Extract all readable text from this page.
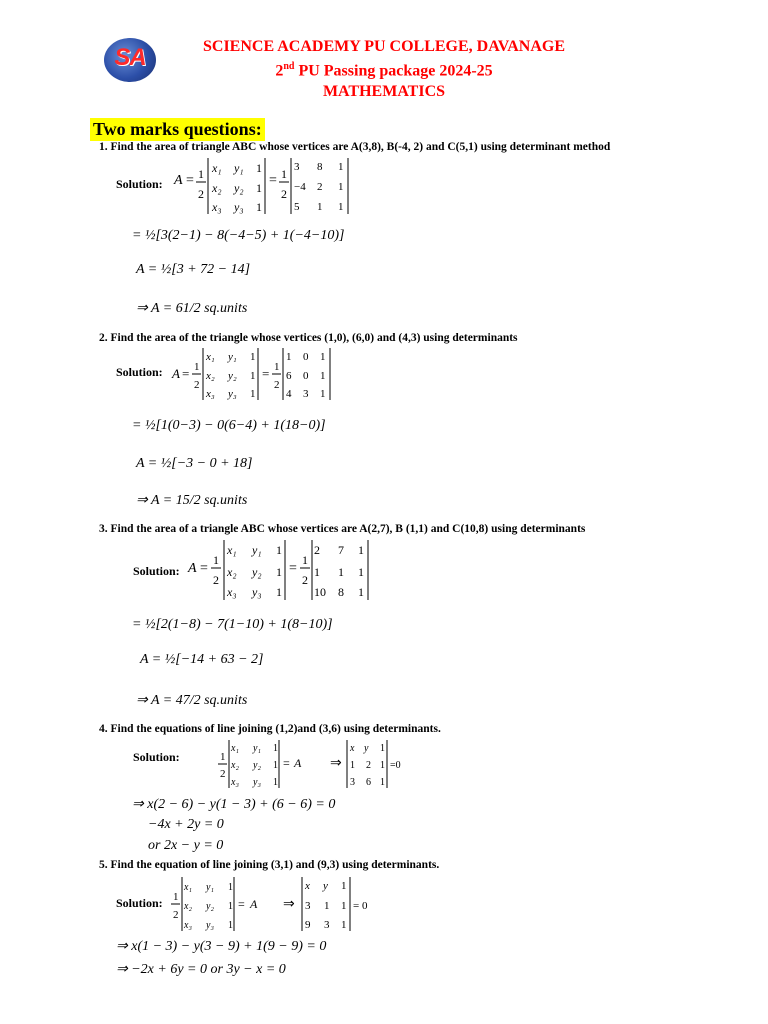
SA	SCIENCE ACADEMY PU COLLEGE, DAVANAGE
2nd PU Passing package 2024-25
MATHEMATICS
Two marks questions:
1. Find the area of triangle ABC whose vertices are A(3,8), B(-4, 2) and C(5,1) using determinant method
Solution: A = 1
2
x₁ y₁ 1
x₂ y₂ 1
x₃ y₃ 1
= 1
2
3 8 1
−4 2 1
5 1 1
= ½[3(2−1) − 8(−4−5) + 1(−4−10)]
A = ½[3 + 72 − 14]
⇒ A = 61/2 sq.units
2. Find the area of the triangle whose vertices (1,0), (6,0) and (4,3) using determinants
Solution: A = 1
2
x₁ y₁ 1
x₂ y₂ 1
x₃ y₃ 1
= 1
2
1 0 1
6 0 1
4 3 1
= ½[1(0−3) − 0(6−4) + 1(18−0)]
A = ½[−3 − 0 + 18]
⇒ A = 15/2 sq.units
3. Find the area of a triangle ABC whose vertices are A(2,7), B (1,1) and C(10,8) using determinants
Solution: A =
1
2
x₁ y₁ 1
x₂ y₂ 1
x₃ y₃ 1
=
1
2
2 7 1
1 1 1
10 8 1
= ½[2(1−8) − 7(1−10) + 1(8−10)]
A = ½[−14 + 63 − 2]
⇒ A = 47/2 sq.units
4. Find the equations of line joining (1,2)and (3,6) using determinants.
Solution:	1
2
x₁ y₁ 1
x₂ y₂ 1
x₃ y₃ 1
= A ⇒
x y 1
1 2 1
3 6 1
=0
⇒ x(2 − 6) − y(1 − 3) + (6 − 6) = 0
−4x + 2y = 0
or 2x − y = 0
5. Find the equation of line joining (3,1) and (9,3) using determinants.
Solution: 1
2
x₁ y₁ 1
x₂ y₂ 1
x₃ y₃ 1
= A ⇒
x y 1
3 1 1
9 3 1
= 0
⇒ x(1 − 3) − y(3 − 9) + 1(9 − 9) = 0
⇒ −2x + 6y = 0 or 3y − x = 0
